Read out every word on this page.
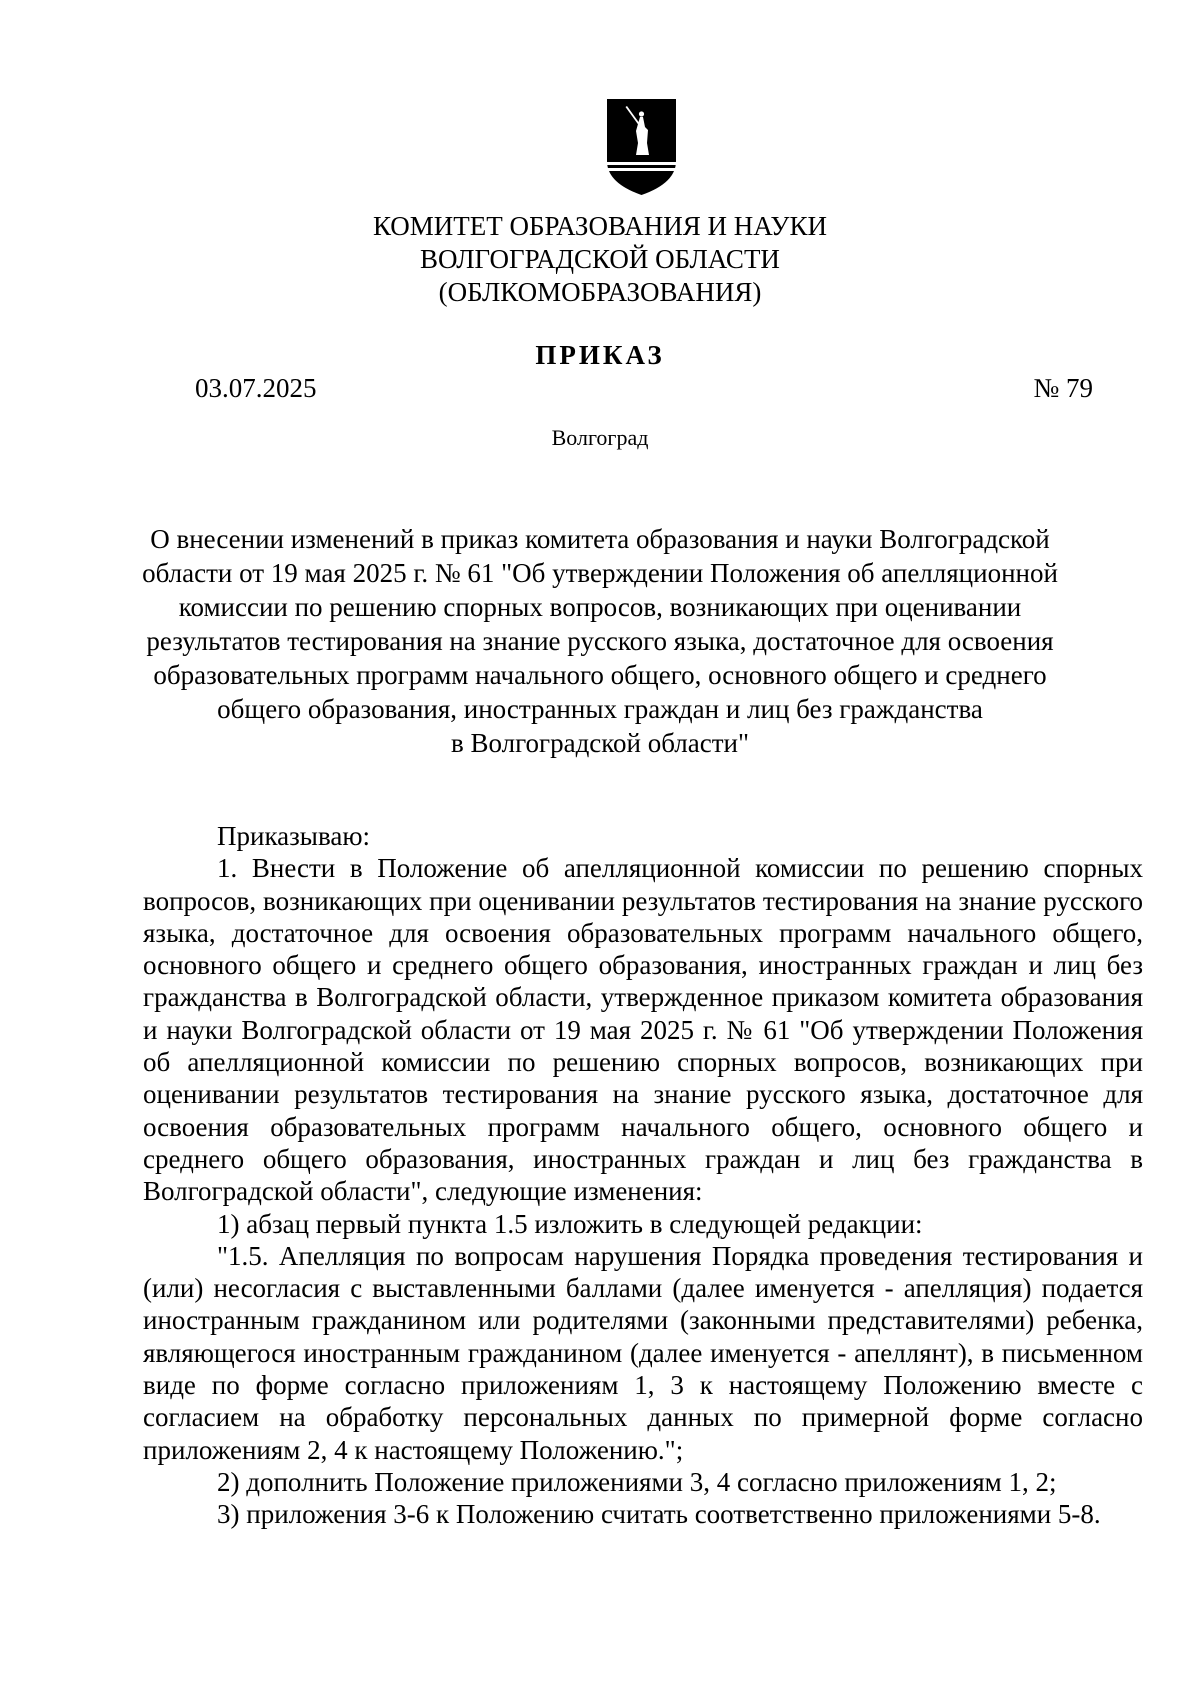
КОМИТЕТ ОБРАЗОВАНИЯ И НАУКИ
ВОЛГОГРАДСКОЙ ОБЛАСТИ
(ОБЛКОМОБРАЗОВАНИЯ)
ПРИКАЗ
03.07.2025	№ 79
Волгоград
О внесении изменений в приказ комитета образования и науки Волгоградской
области от 19 мая 2025 г. № 61 "Об утверждении Положения об апелляционной
комиссии по решению спорных вопросов, возникающих при оценивании
результатов тестирования на знание русского языка, достаточное для освоения
образовательных программ начального общего, основного общего и среднего
общего образования, иностранных граждан и лиц без гражданства
в Волгоградской области"

Приказываю:

1. Внести в Положение об апелляционной комиссии по решению спорных вопросов, возникающих при оценивании результатов тестирования на знание русского языка, достаточное для освоения образовательных программ начального общего, основного общего и среднего общего образования, иностранных граждан и лиц без гражданства в Волгоградской области, утвержденное приказом комитета образования и науки Волгоградской области от 19 мая 2025 г. № 61 "Об утверждении Положения об апелляционной комиссии по решению спорных вопросов, возникающих при оценивании результатов тестирования на знание русского языка, достаточное для освоения образовательных программ начального общего, основного общего и среднего общего образования, иностранных граждан и лиц без гражданства в Волгоградской области", следующие изменения:

1) абзац первый пункта 1.5 изложить в следующей редакции:

"1.5. Апелляция по вопросам нарушения Порядка проведения тестирования и (или) несогласия с выставленными баллами (далее именуется - апелляция) подается иностранным гражданином или родителями (законными представителями) ребенка, являющегося иностранным гражданином (далее именуется - апеллянт), в письменном виде по форме согласно приложениям 1, 3 к настоящему Положению вместе с согласием на обработку персональных данных по примерной форме согласно приложениям 2, 4 к настоящему Положению.";

2) дополнить Положение приложениями 3, 4 согласно приложениям 1, 2;

3) приложения 3-6 к Положению считать соответственно приложениями 5-8.
